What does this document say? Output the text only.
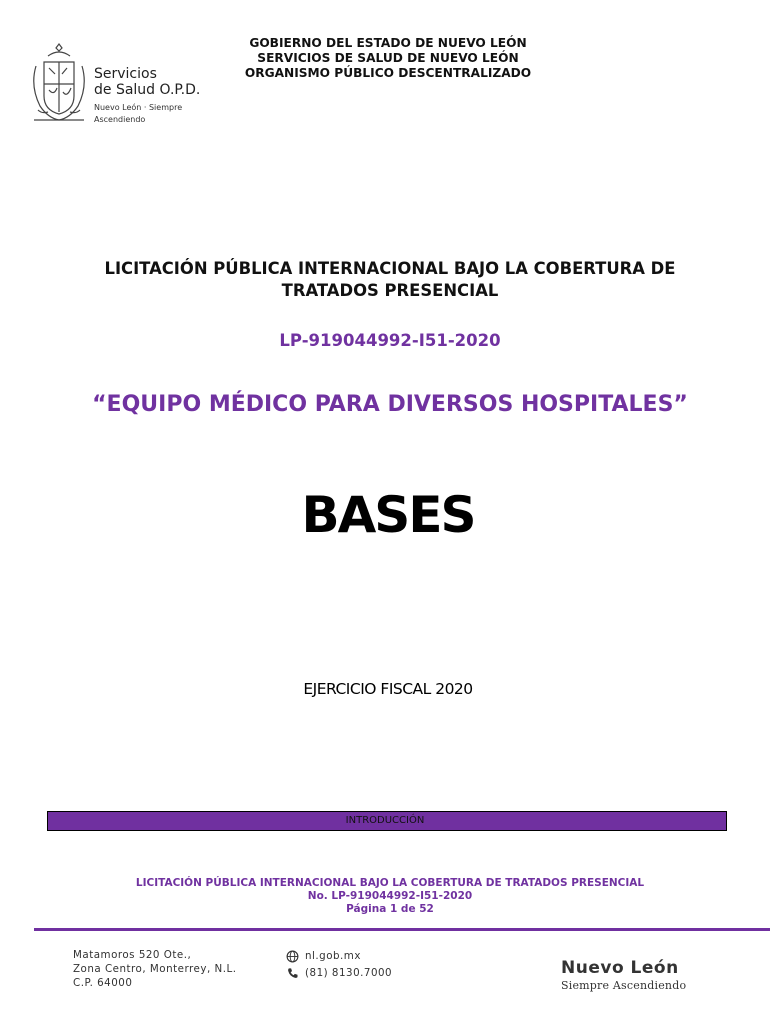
Servicios
de Salud O.P.D.
Nuevo León · Siempre Ascendiendo
GOBIERNO DEL ESTADO DE NUEVO LEÓN
SERVICIOS DE SALUD DE NUEVO LEÓN
ORGANISMO PÚBLICO DESCENTRALIZADO
LICITACIÓN PÚBLICA INTERNACIONAL BAJO LA COBERTURA DE TRATADOS PRESENCIAL
LP-919044992-I51-2020
“EQUIPO MÉDICO PARA DIVERSOS HOSPITALES”
BASES
EJERCICIO FISCAL 2020
INTRODUCCIÓN
LICITACIÓN PÚBLICA INTERNACIONAL BAJO LA COBERTURA DE TRATADOS PRESENCIAL
No. LP-919044992-I51-2020
Página 1 de 52
Matamoros 520 Ote.,
Zona Centro, Monterrey, N.L.
C.P. 64000
nl.gob.mx
(81) 8130.7000	Nuevo León
Siempre Ascendiendo
